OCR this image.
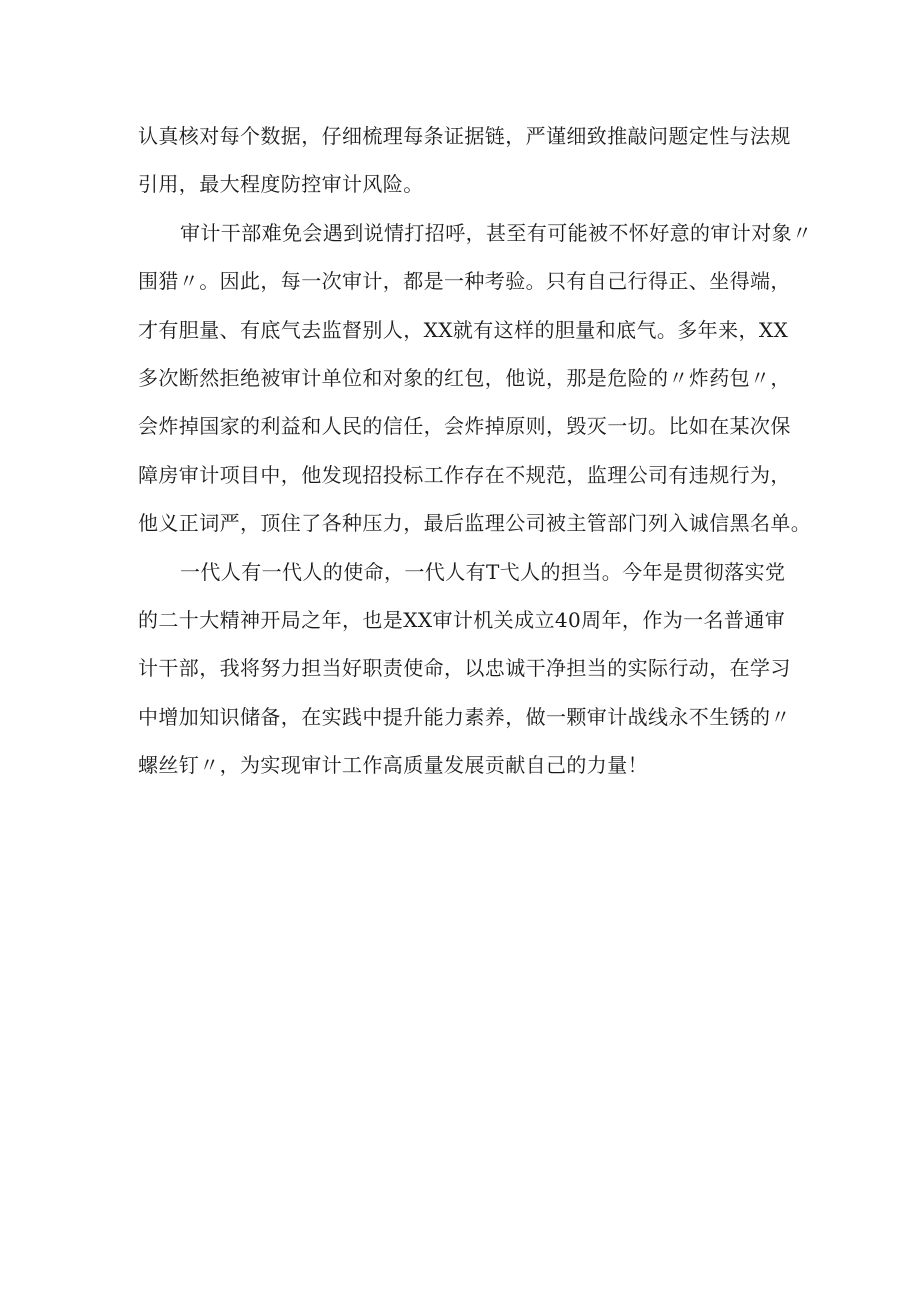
认真核对每个数据，仔细梳理每条证据链，严谨细致推敲问题定性与法规
引用，最大程度防控审计风险。
审计干部难免会遇到说情打招呼，甚至有可能被不怀好意的审计对象〃
围猎〃。因此，每一次审计，都是一种考验。只有自己行得正、坐得端，
才有胆量、有底气去监督别人，XX就有这样的胆量和底气。多年来，XX
多次断然拒绝被审计单位和对象的红包，他说，那是危险的〃炸药包〃，
会炸掉国家的利益和人民的信任，会炸掉原则，毁灭一切。比如在某次保
障房审计项目中，他发现招投标工作存在不规范，监理公司有违规行为，
他义正词严，顶住了各种压力，最后监理公司被主管部门列入诚信黑名单。
一代人有一代人的使命，一代人有T弋人的担当。今年是贯彻落实党
的二十大精神开局之年，也是XX审计机关成立40周年，作为一名普通审
计干部，我将努力担当好职责使命，以忠诚干净担当的实际行动，在学习
中增加知识储备，在实践中提升能力素养，做一颗审计战线永不生锈的〃
螺丝钉〃，为实现审计工作高质量发展贡献自己的力量！
